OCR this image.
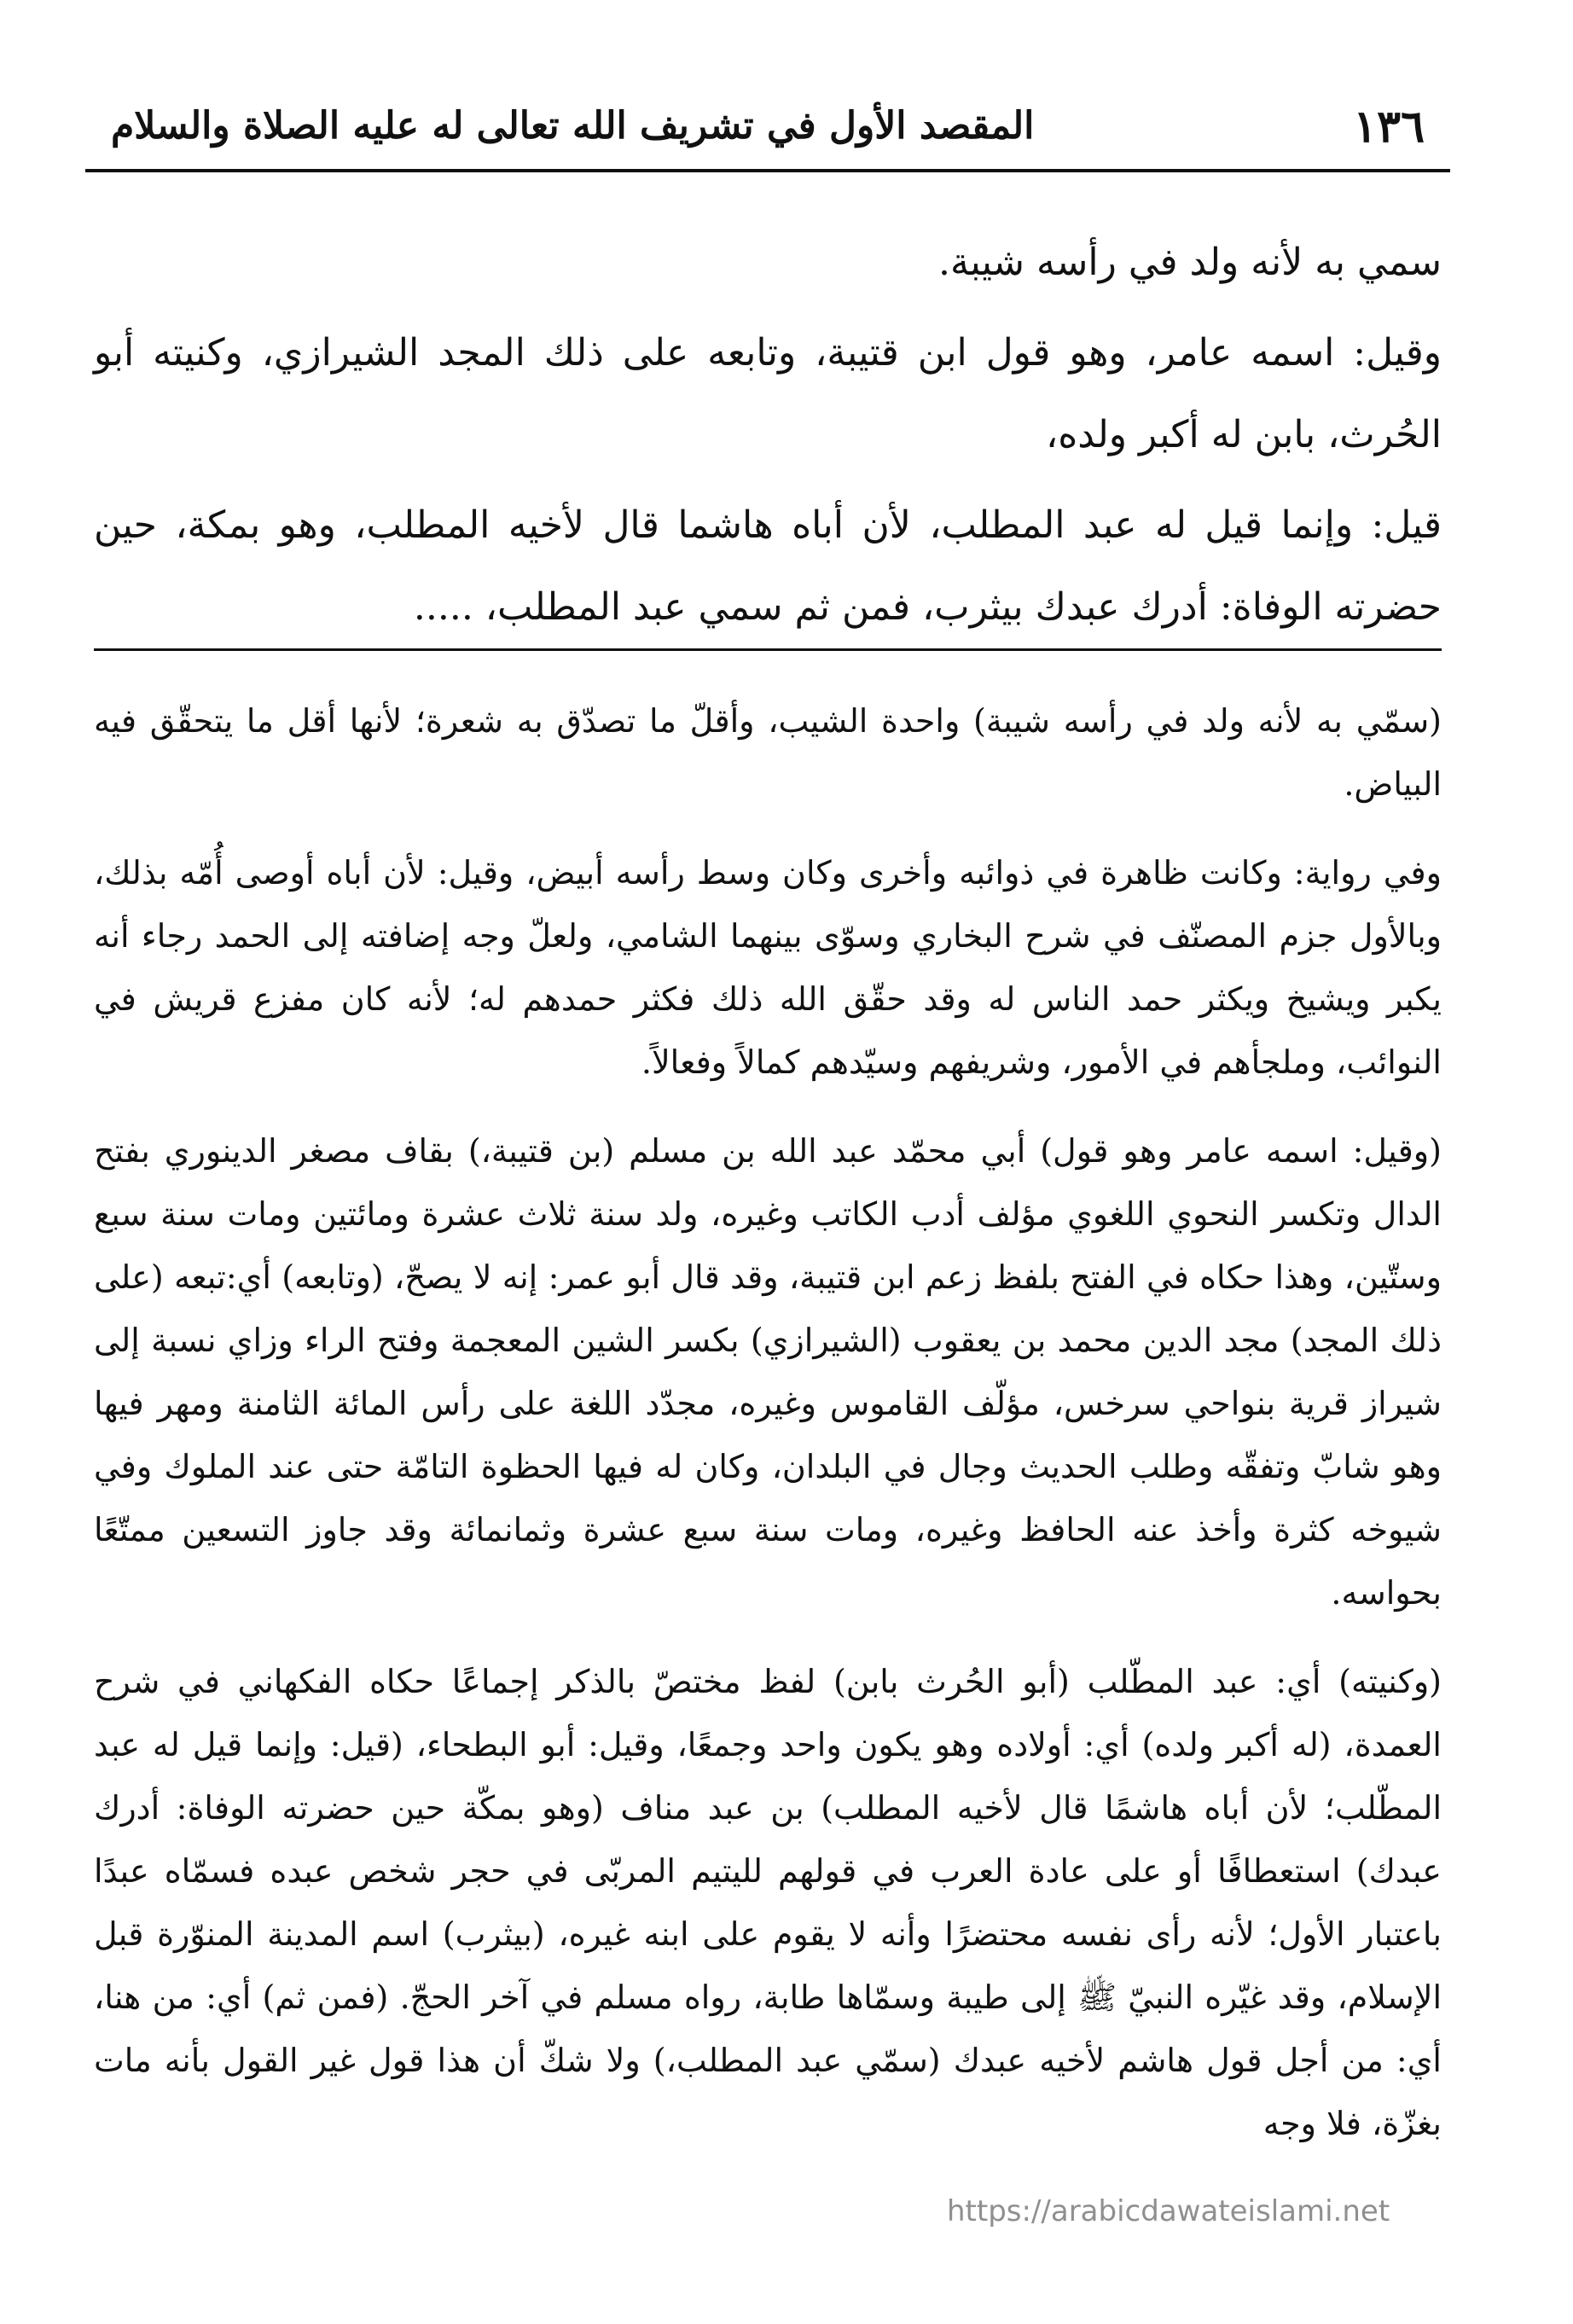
١٣٦
المقصد الأول في تشريف الله تعالى له عليه الصلاة والسلام

سمي به لأنه ولد في رأسه شيبة.

وقيل: اسمه عامر، وهو قول ابن قتيبة، وتابعه على ذلك المجد الشيرازي، وكنيته أبو الحُرث، بابن له أكبر ولده،

قيل: وإنما قيل له عبد المطلب، لأن أباه هاشما قال لأخيه المطلب، وهو بمكة، حين حضرته الوفاة: أدرك عبدك بيثرب، فمن ثم سمي عبد المطلب، .....

(سمّي به لأنه ولد في رأسه شيبة) واحدة الشيب، وأقلّ ما تصدّق به شعرة؛ لأنها أقل ما يتحقّق فيه البياض.

وفي رواية: وكانت ظاهرة في ذوائبه وأخرى وكان وسط رأسه أبيض، وقيل: لأن أباه أوصى أُمّه بذلك، وبالأول جزم المصنّف في شرح البخاري وسوّى بينهما الشامي، ولعلّ وجه إضافته إلى الحمد رجاء أنه يكبر ويشيخ ويكثر حمد الناس له وقد حقّق الله ذلك فكثر حمدهم له؛ لأنه كان مفزع قريش في النوائب، وملجأهم في الأمور، وشريفهم وسيّدهم كمالاً وفعالاً.

(وقيل: اسمه عامر وهو قول) أبي محمّد عبد الله بن مسلم (بن قتيبة،) بقاف مصغر الدينوري بفتح الدال وتكسر النحوي اللغوي مؤلف أدب الكاتب وغيره، ولد سنة ثلاث عشرة ومائتين ومات سنة سبع وستّين، وهذا حكاه في الفتح بلفظ زعم ابن قتيبة، وقد قال أبو عمر: إنه لا يصحّ، (وتابعه) أي:تبعه (على ذلك المجد) مجد الدين محمد بن يعقوب (الشيرازي) بكسر الشين المعجمة وفتح الراء وزاي نسبة إلى شيراز قرية بنواحي سرخس، مؤلّف القاموس وغيره، مجدّد اللغة على رأس المائة الثامنة ومهر فيها وهو شابّ وتفقّه وطلب الحديث وجال في البلدان، وكان له فيها الحظوة التامّة حتى عند الملوك وفي شيوخه كثرة وأخذ عنه الحافظ وغيره، ومات سنة سبع عشرة وثمانمائة وقد جاوز التسعين ممتّعًا بحواسه.

(وكنيته) أي: عبد المطّلب (أبو الحُرث بابن) لفظ مختصّ بالذكر إجماعًا حكاه الفكهاني في شرح العمدة، (له أكبر ولده) أي: أولاده وهو يكون واحد وجمعًا، وقيل: أبو البطحاء، (قيل: وإنما قيل له عبد المطّلب؛ لأن أباه هاشمًا قال لأخيه المطلب) بن عبد مناف (وهو بمكّة حين حضرته الوفاة: أدرك عبدك) استعطافًا أو على عادة العرب في قولهم لليتيم المربّى في حجر شخص عبده فسمّاه عبدًا باعتبار الأول؛ لأنه رأى نفسه محتضرًا وأنه لا يقوم على ابنه غيره، (بيثرب) اسم المدينة المنوّرة قبل الإسلام، وقد غيّره النبيّ ﷺ إلى طيبة وسمّاها طابة، رواه مسلم في آخر الحجّ. (فمن ثم) أي: من هنا، أي: من أجل قول هاشم لأخيه عبدك (سمّي عبد المطلب،) ولا شكّ أن هذا قول غير القول بأنه مات بغزّة، فلا وجه

https://arabicdawateislami.net
